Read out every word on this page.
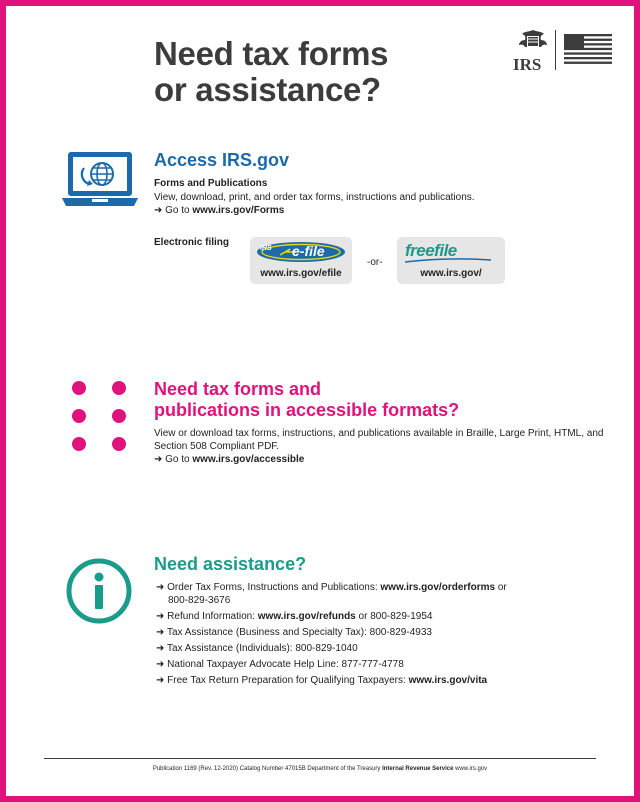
Need tax forms
or assistance?
IRS
Access IRS.gov
Forms and Publications
View, download, print, and order tax forms, instructions and publications.
➜ Go to www.irs.gov/Forms
Electronic filing
IRS e-file
www.irs.gov/efile
-or-
freefile
www.irs.gov/
Need tax forms and
publications in accessible formats?
View or download tax forms, instructions, and publications available in Braille, Large Print, HTML, and Section 508 Compliant PDF.
➜ Go to www.irs.gov/accessible
Need assistance?
➜ Order Tax Forms, Instructions and Publications: www.irs.gov/orderforms or
800-829-3676
➜ Refund Information: www.irs.gov/refunds or 800-829-1954
➜ Tax Assistance (Business and Specialty Tax): 800-829-4933
➜ Tax Assistance (Individuals): 800-829-1040
➜ National Taxpayer Advocate Help Line: 877-777-4778
➜ Free Tax Return Preparation for Qualifying Taxpayers: www.irs.gov/vita
Publication 1169 (Rev. 12-2020) Catalog Number 47015B Department of the Treasury Internal Revenue Service www.irs.gov
